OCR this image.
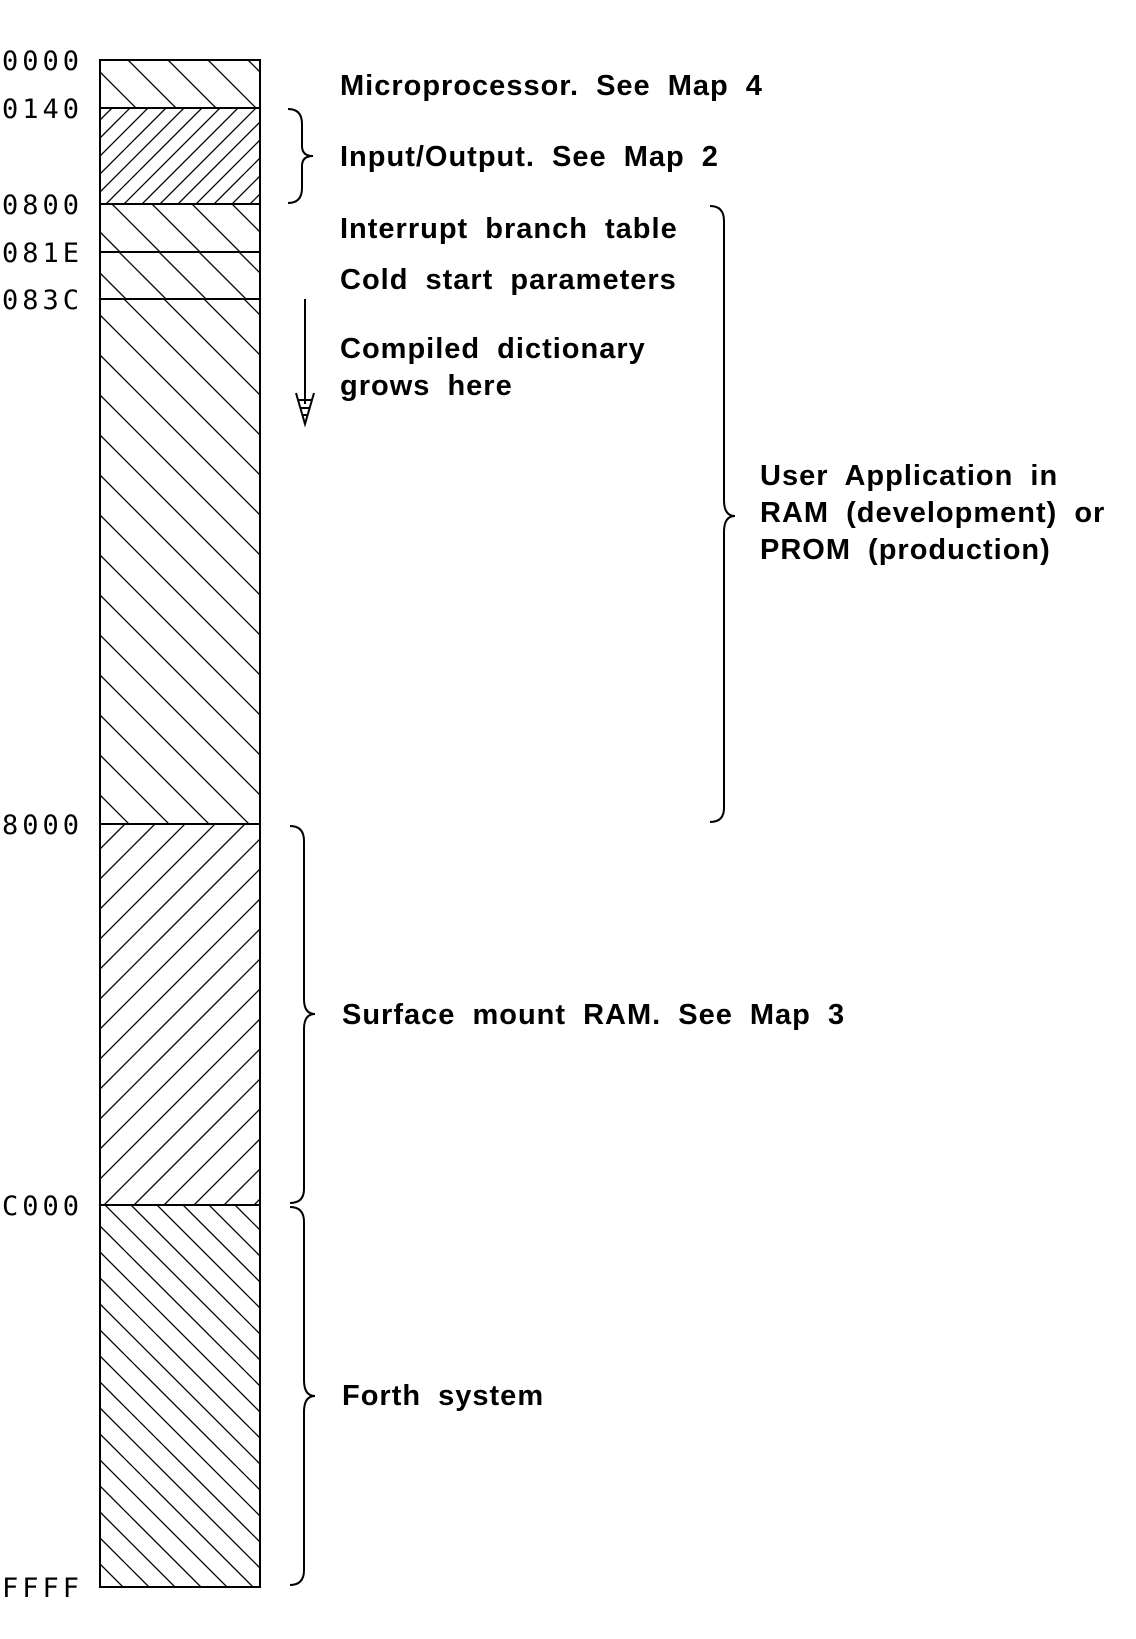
0000
0140
0800
081E
083C
8000
C000
FFFF
Microprocessor. See Map 4
Input/Output. See Map 2
Interrupt branch table
Cold start parameters
Compiled dictionary
grows here
User Application in
RAM (development) or
PROM (production)
Surface mount RAM. See Map 3
Forth system
